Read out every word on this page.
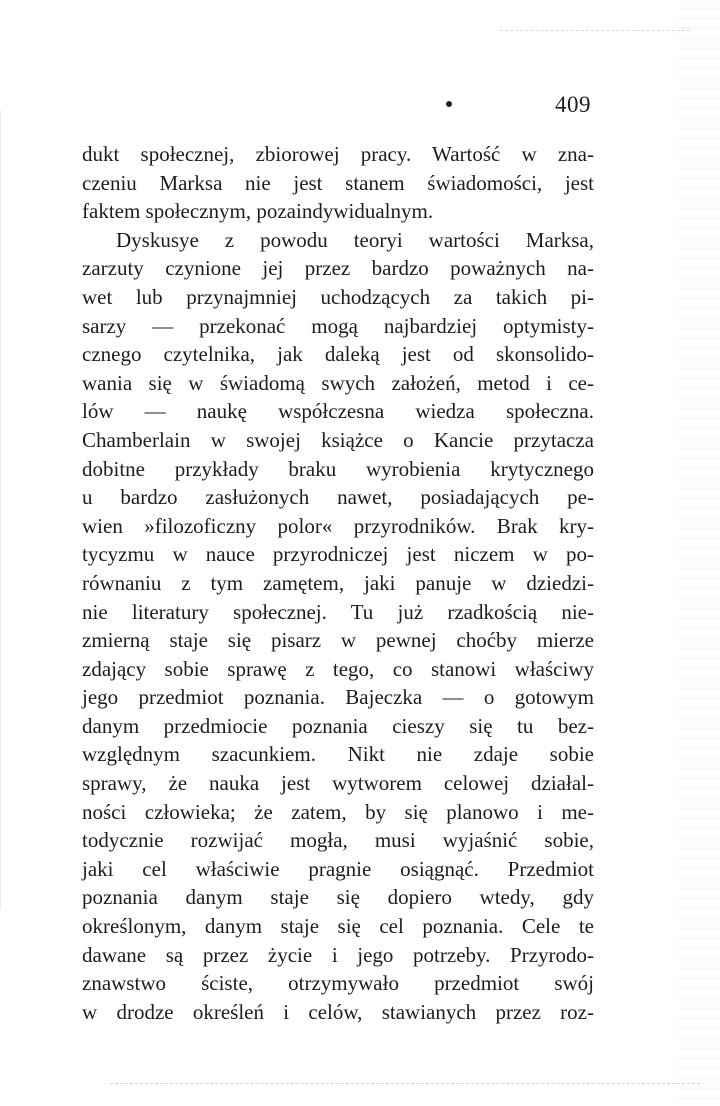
409
dukt społecznej, zbiorowej pracy. Wartość w zna-
czeniu Marksa nie jest stanem świadomości, jest
faktem społecznym, pozaindywidualnym.
Dyskusye z powodu teoryi wartości Marksa,
zarzuty czynione jej przez bardzo poważnych na-
wet lub przynajmniej uchodzących za takich pi-
sarzy — przekonać mogą najbardziej optymisty-
cznego czytelnika, jak daleką jest od skonsolido-
wania się w świadomą swych założeń, metod i ce-
lów — naukę współczesna wiedza społeczna.
Chamberlain w swojej książce o Kancie przytacza
dobitne przykłady braku wyrobienia krytycznego
u bardzo zasłużonych nawet, posiadających pe-
wien »filozoficzny polor« przyrodników. Brak kry-
tycyzmu w nauce przyrodniczej jest niczem w po-
równaniu z tym zamętem, jaki panuje w dziedzi-
nie literatury społecznej. Tu już rzadkością nie-
zmierną staje się pisarz w pewnej choćby mierze
zdający sobie sprawę z tego, co stanowi właściwy
jego przedmiot poznania. Bajeczka — o gotowym
danym przedmiocie poznania cieszy się tu bez-
względnym szacunkiem. Nikt nie zdaje sobie
sprawy, że nauka jest wytworem celowej działal-
ności człowieka; że zatem, by się planowo i me-
todycznie rozwijać mogła, musi wyjaśnić sobie,
jaki cel właściwie pragnie osiągnąć. Przedmiot
poznania danym staje się dopiero wtedy, gdy
określonym, danym staje się cel poznania. Cele te
dawane są przez życie i jego potrzeby. Przyrodo-
znawstwo ściste, otrzymywało przedmiot swój
w drodze określeń i celów, stawianych przez roz-
